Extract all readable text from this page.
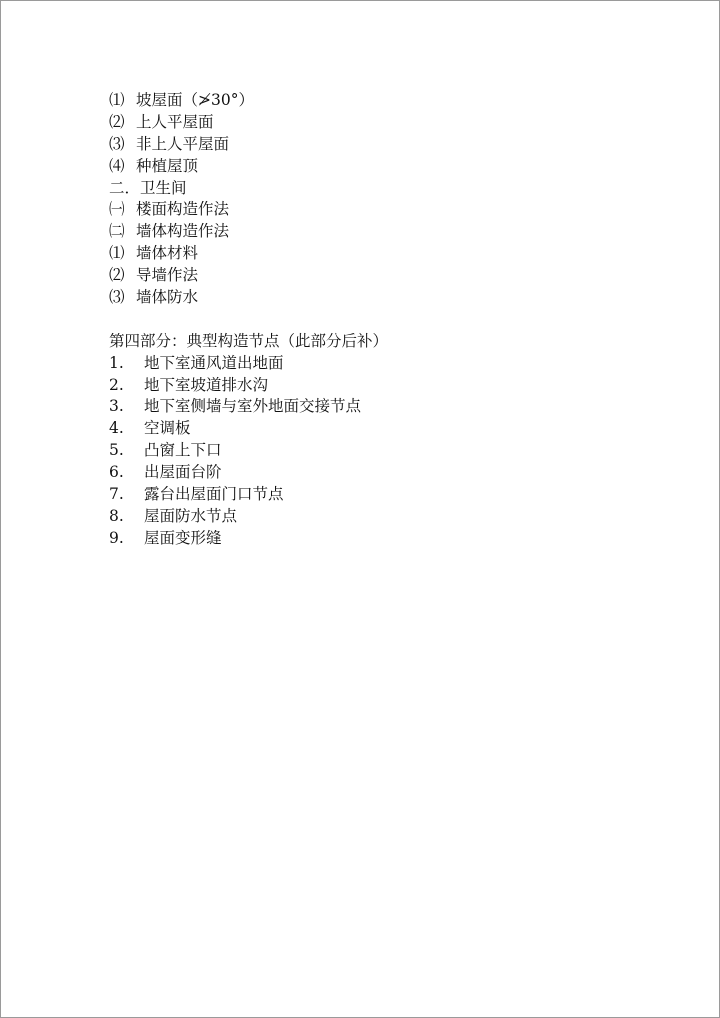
⑴ 坡屋面（≯30°）
⑵ 上人平屋面
⑶ 非上人平屋面
⑷ 种植屋顶
二．卫生间
㈠ 楼面构造作法
㈡ 墙体构造作法
⑴ 墙体材料
⑵ 导墙作法
⑶ 墙体防水
第四部分：典型构造节点（此部分后补）
1. 地下室通风道出地面
2. 地下室坡道排水沟
3. 地下室侧墙与室外地面交接节点
4. 空调板
5. 凸窗上下口
6. 出屋面台阶
7. 露台出屋面门口节点
8. 屋面防水节点
9. 屋面变形缝
